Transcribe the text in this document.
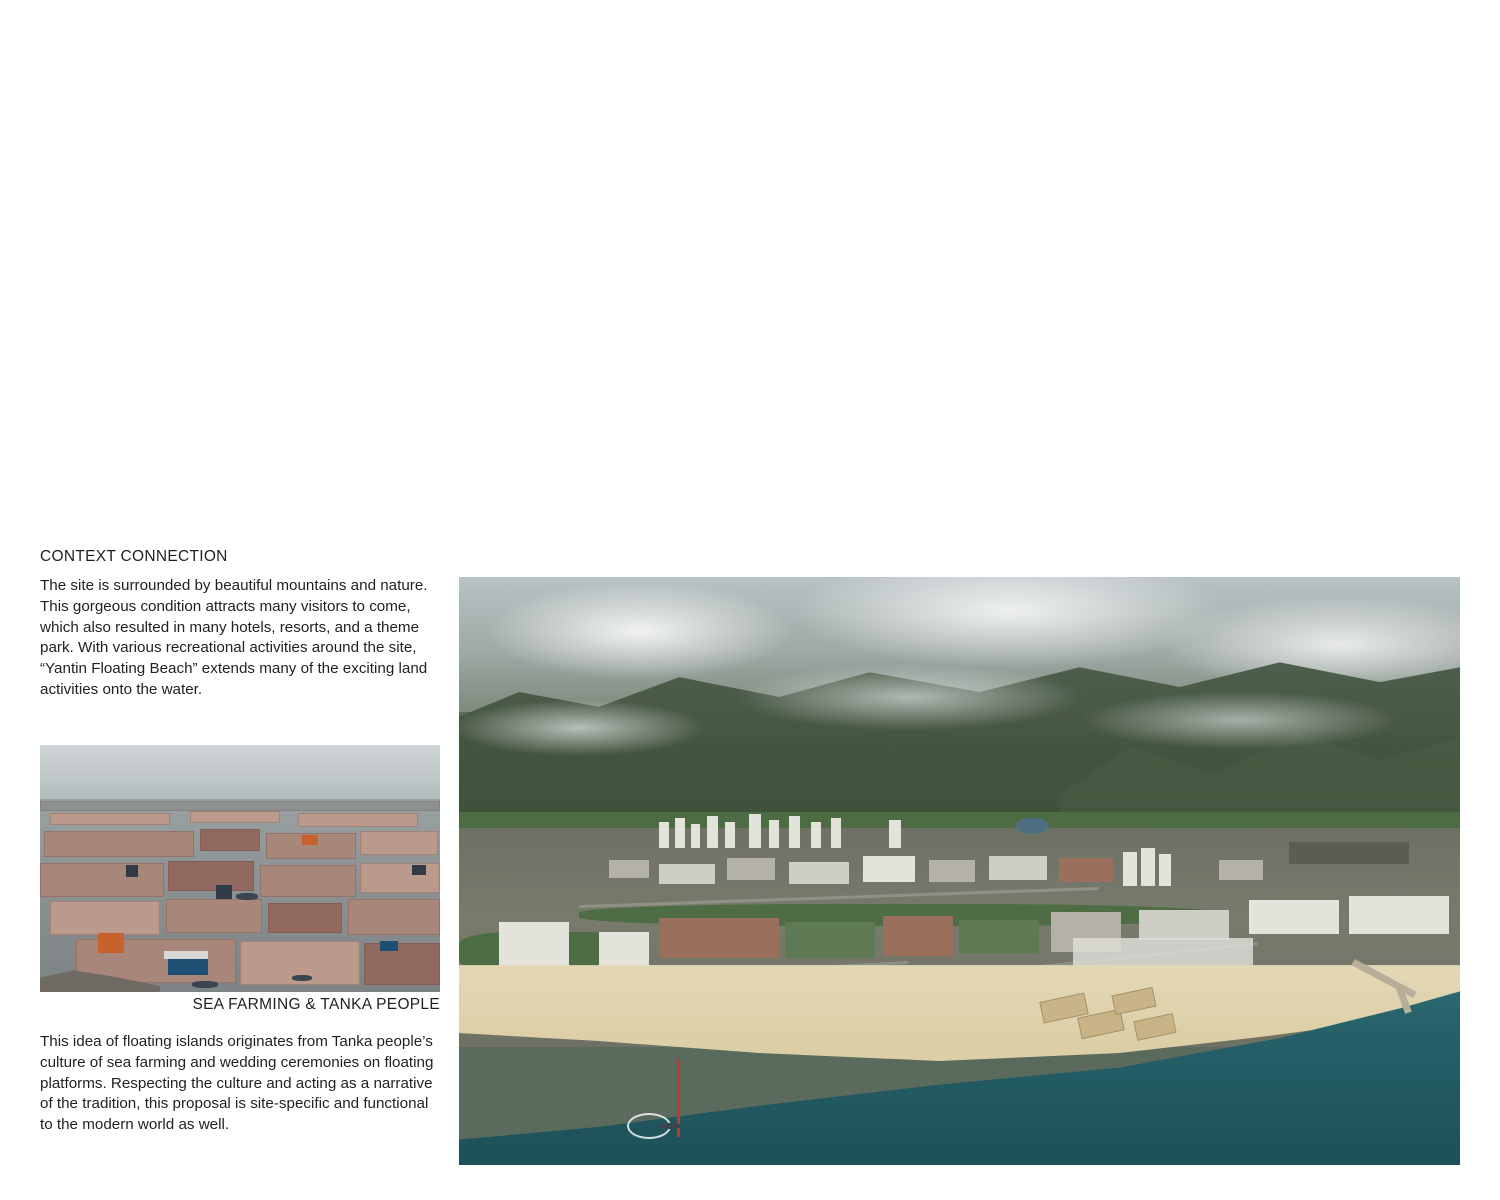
CONTEXT CONNECTION

The site is surrounded by beautiful mountains and nature. This gorgeous condition attracts many visitors to come, which also resulted in many hotels, resorts, and a theme park. With various recreational activities around the site, “Yantin Floating Beach” extends many of the exciting land activities onto the water.

SEA FARMING & TANKA PEOPLE

This idea of floating islands originates from Tanka people’s culture of sea farming and wedding ceremonies on floating platforms. Respecting the culture and acting as a narrative of the tradition, this proposal is site-specific and functional to the modern world as well.
